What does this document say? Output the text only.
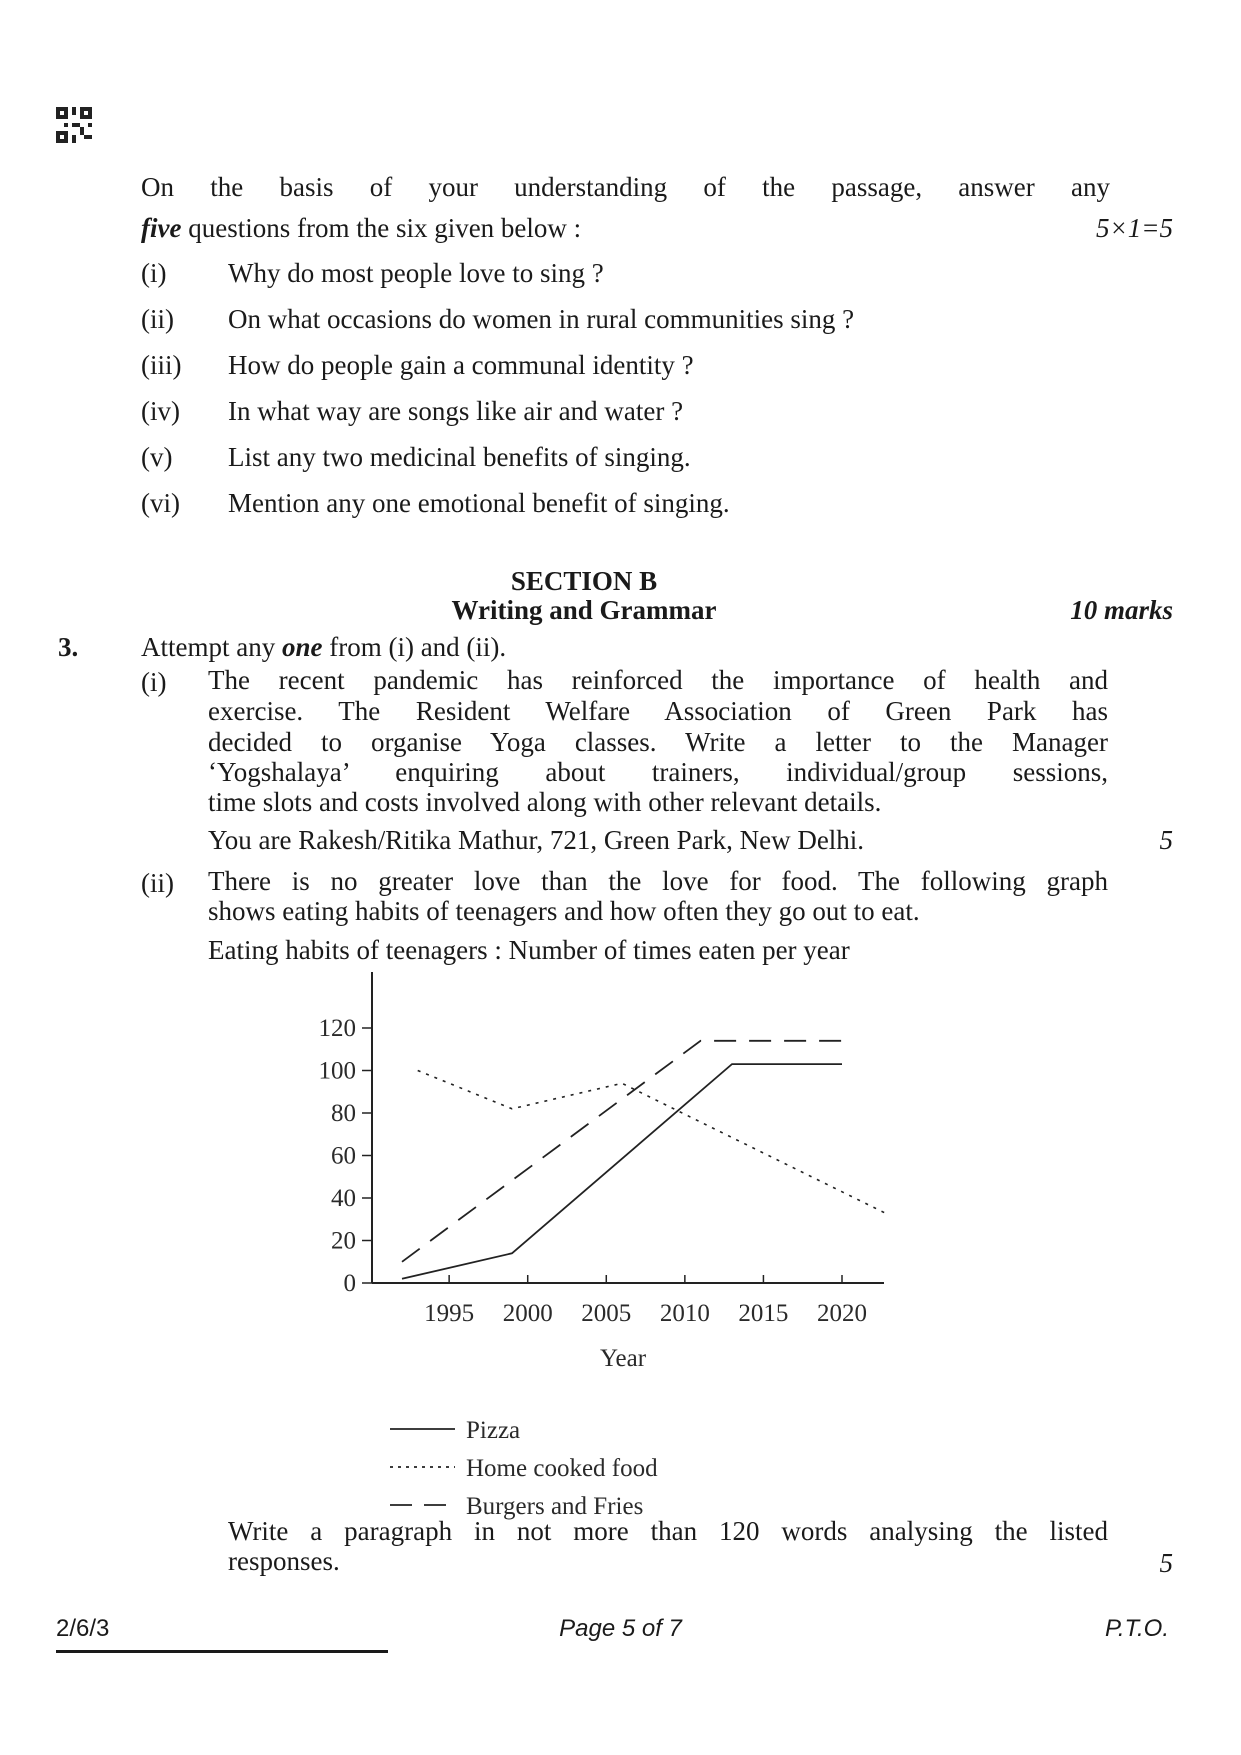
On the basis of your understanding of the passage, answer any
five questions from the six given below :	5×1=5
(i) Why do most people love to sing ?
(ii) On what occasions do women in rural communities sing ?
(iii) How do people gain a communal identity ?
(iv) In what way are songs like air and water ?
(v) List any two medicinal benefits of singing.
(vi) Mention any one emotional benefit of singing.
SECTION B
Writing and Grammar	10 marks
3. Attempt any one from (i) and (ii).
(i) The recent pandemic has reinforced the importance of health and
exercise. The Resident Welfare Association of Green Park has
decided to organise Yoga classes. Write a letter to the Manager
‘Yogshalaya’ enquiring about trainers, individual/group sessions,
time slots and costs involved along with other relevant details.
You are Rakesh/Ritika Mathur, 721, Green Park, New Delhi.	5
(ii) There is no greater love than the love for food. The following graph
shows eating habits of teenagers and how often they go out to eat.
Eating habits of teenagers : Number of times eaten per year
0
20
40
60
80
100
120
1995 2000 2005 2010 2015 2020
Year
Pizza
Home cooked food
Burgers and Fries
Write a paragraph in not more than 120 words analysing the listed
responses.	5
2/6/3	Page 5 of 7	P.T.O.
